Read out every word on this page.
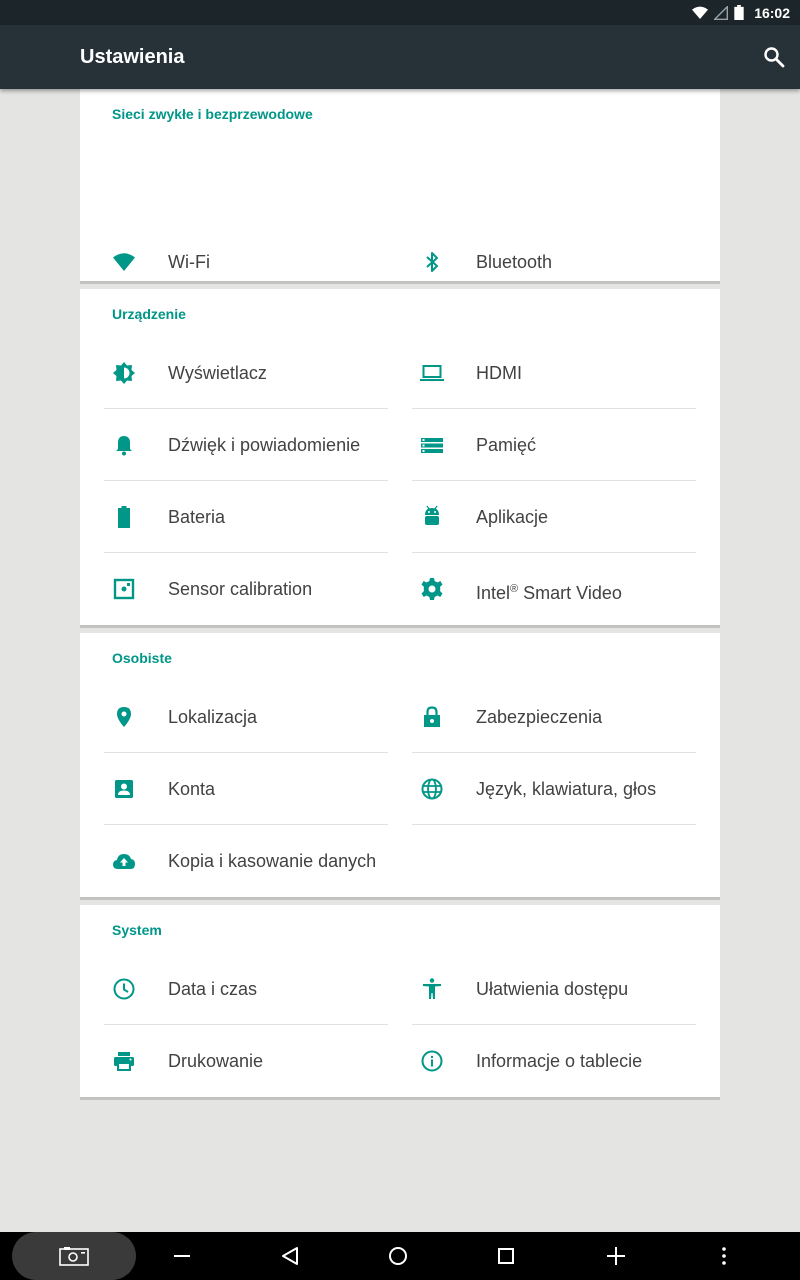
16:02
Ustawienia
Sieci zwykłe i bezprzewodowe
Wi-Fi	Bluetooth
Urządzenie
Wyświetlacz	HDMI
Dźwięk i powiadomienie	Pamięć
Bateria	Aplikacje
Sensor calibration	Intel® Smart Video
Osobiste
Lokalizacja	Zabezpieczenia
Konta	Język, klawiatura, głos
Kopia i kasowanie danych
System
Data i czas	Ułatwienia dostępu
Drukowanie	Informacje o tablecie
